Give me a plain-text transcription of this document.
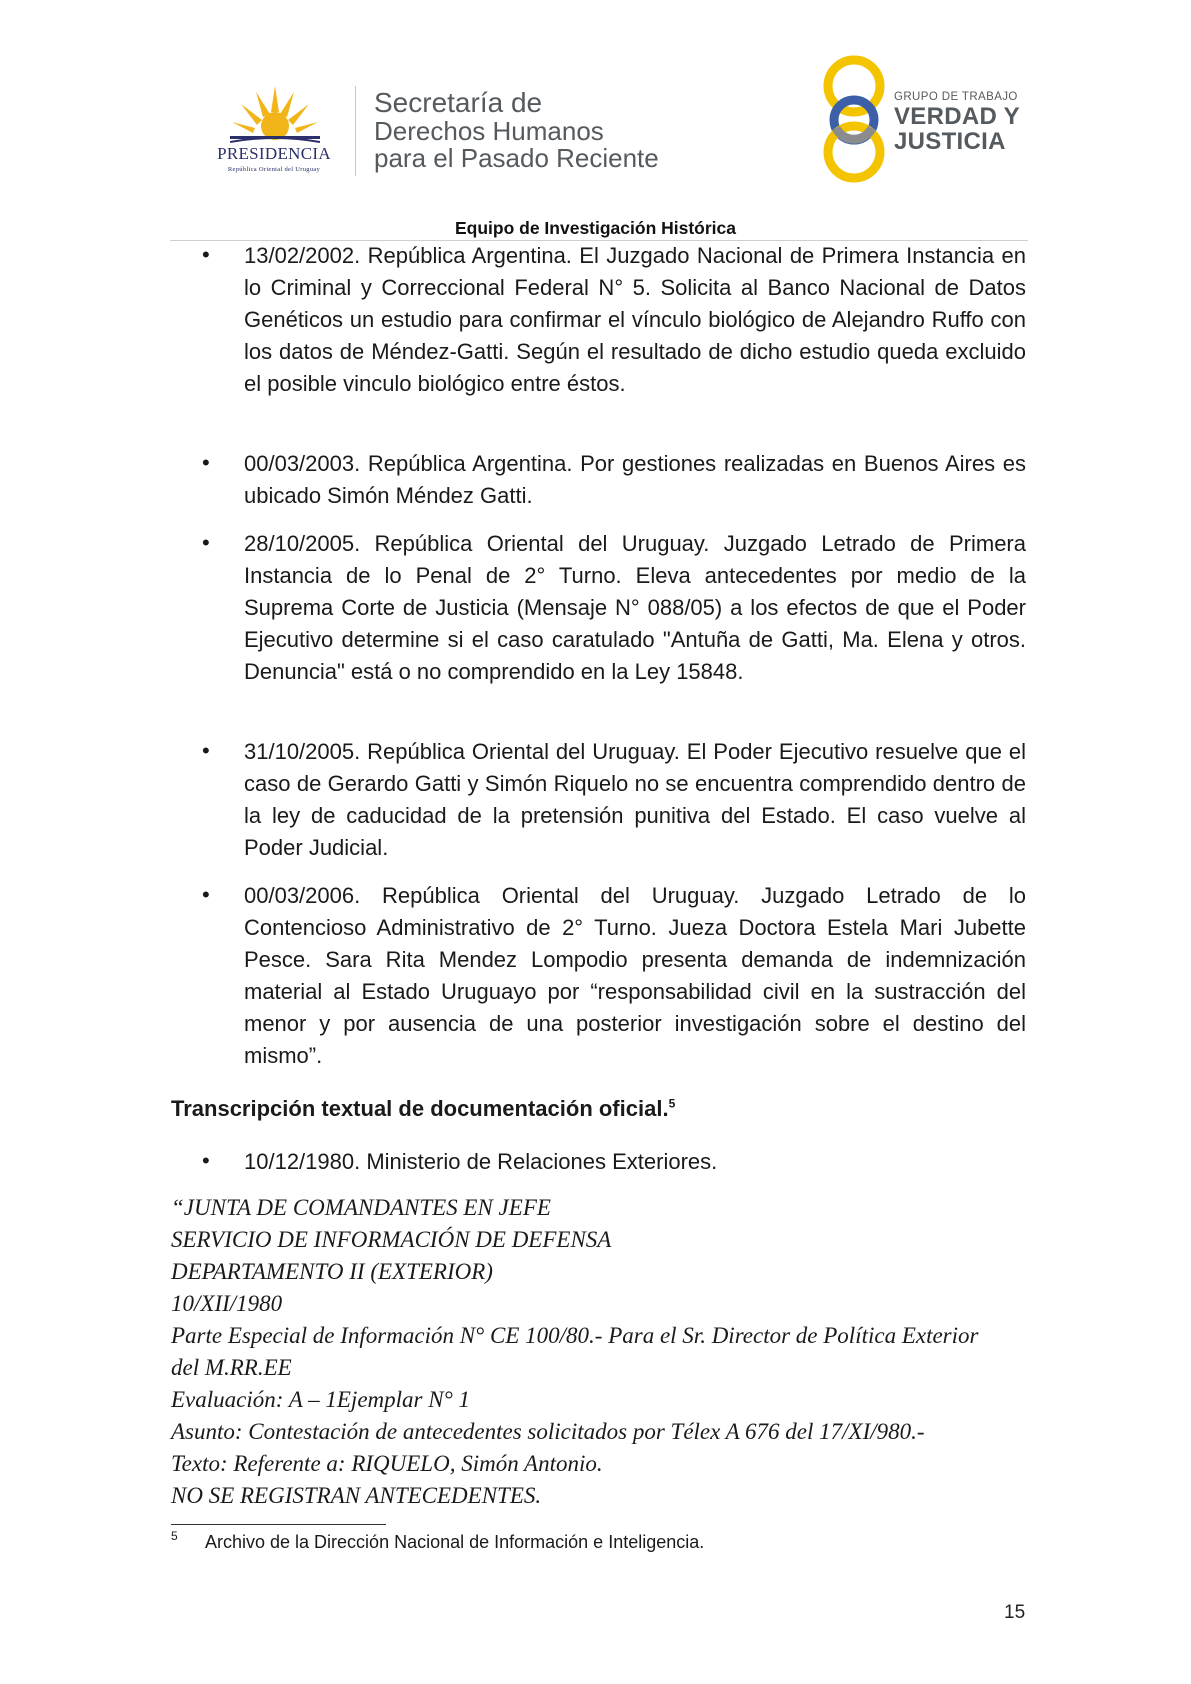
PRESIDENCIA
República Oriental del Uruguay
Secretaría de
Derechos Humanos
para el Pasado Reciente
GRUPO DE TRABAJO
VERDAD Y
JUSTICIA
Equipo de Investigación Histórica
• 13/02/2002. República Argentina. El Juzgado Nacional de Primera Instancia en lo Criminal y Correccional Federal N° 5. Solicita al Banco Nacional de Datos Genéticos un estudio para confirmar el vínculo biológico de Alejandro Ruffo con los datos de Méndez-Gatti. Según el resultado de dicho estudio queda excluido el posible vinculo biológico entre éstos.
• 00/03/2003. República Argentina. Por gestiones realizadas en Buenos Aires es ubicado Simón Méndez Gatti.
• 28/10/2005. República Oriental del Uruguay. Juzgado Letrado de Primera Instancia de lo Penal de 2° Turno. Eleva antecedentes por medio de la Suprema Corte de Justicia (Mensaje N° 088/05) a los efectos de que el Poder Ejecutivo determine si el caso caratulado "Antuña de Gatti, Ma. Elena y otros. Denuncia" está o no comprendido en la Ley 15848.
• 31/10/2005. República Oriental del Uruguay. El Poder Ejecutivo resuelve que el caso de Gerardo Gatti y Simón Riquelo no se encuentra comprendido dentro de la ley de caducidad de la pretensión punitiva del Estado. El caso vuelve al Poder Judicial.
• 00/03/2006. República Oriental del Uruguay. Juzgado Letrado de lo Contencioso Administrativo de 2° Turno. Jueza Doctora Estela Mari Jubette Pesce. Sara Rita Mendez Lompodio presenta demanda de indemnización material al Estado Uruguayo por “responsabilidad civil en la sustracción del menor y por ausencia de una posterior investigación sobre el destino del mismo”.
Transcripción textual de documentación oficial.$^5$
• 10/12/1980. Ministerio de Relaciones Exteriores.
“JUNTA DE COMANDANTES EN JEFE
SERVICIO DE INFORMACIÓN DE DEFENSA
DEPARTAMENTO II (EXTERIOR)
10/XII/1980
Parte Especial de Información N° CE 100/80.- Para el Sr. Director de Política Exterior
del M.RR.EE
Evaluación: A – 1Ejemplar N° 1
Asunto: Contestación de antecedentes solicitados por Télex A 676 del 17/XI/980.-
Texto: Referente a: RIQUELO, Simón Antonio.
NO SE REGISTRAN ANTECEDENTES.
5 Archivo de la Dirección Nacional de Información e Inteligencia.
15
